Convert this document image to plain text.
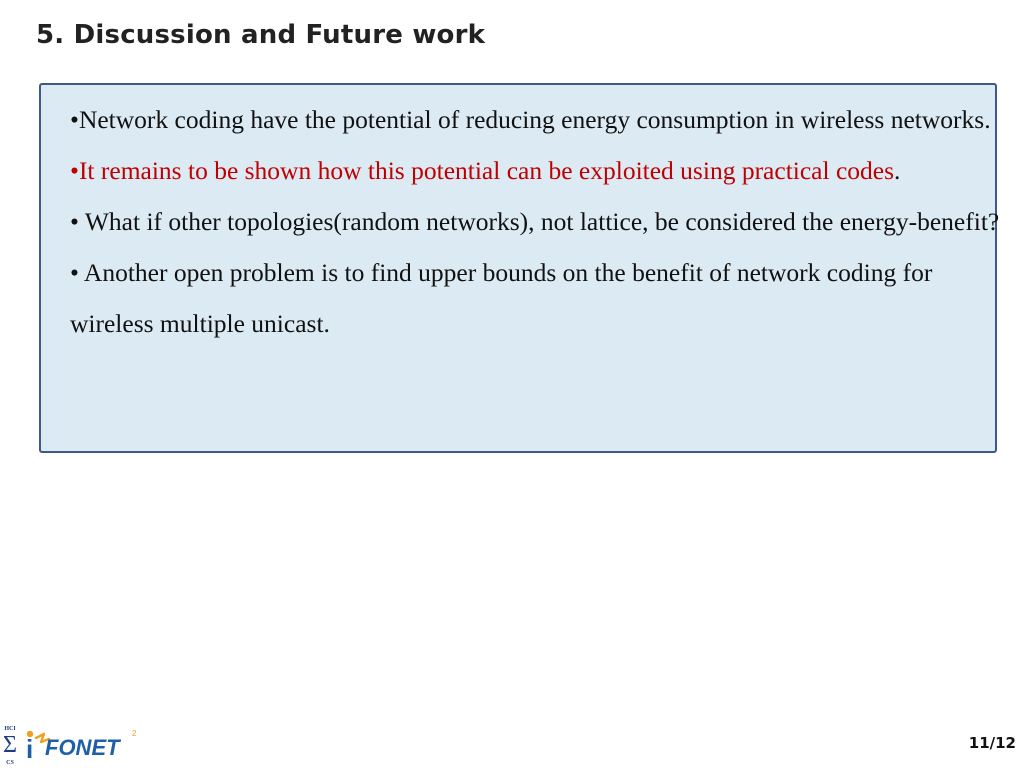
5. Discussion and Future work
•Network coding have the potential of reducing energy consumption in wireless networks.
•It remains to be shown how this potential can be exploited using practical codes.
• What if other topologies(random networks), not lattice, be considered the energy-benefit?
• Another open problem is to find upper bounds on the benefit of network coding for wireless multiple unicast.
HCI
Σ
CS i FONET
2
11/12
